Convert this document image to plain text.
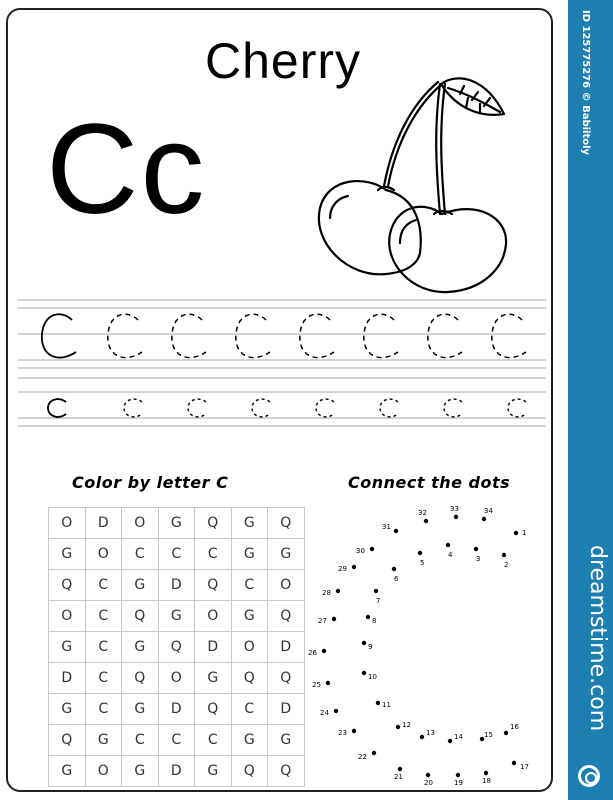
Cherry
Cc
Color by letter C	Connect the dots
O	D	O	G	Q	G	Q
G	O	C	C	C	G	G
Q	C	G	D	Q	C	O
O	C	Q	G	O	G	Q
G	C	G	Q	D	O	D
D	C	Q	O	G	Q	Q
G	C	G	D	Q	C	D
Q	G	C	C	C	G	G
G	O	G	D	G	Q	Q
1
2
3
4
5
6
7
8
9
10
11
12
13	14	15
16
17
18
19
20
21
22
23
24
25
26
27
28
29
30
31
32	33	34
ID 125775276 © Babiitoly
dreamstime.com
